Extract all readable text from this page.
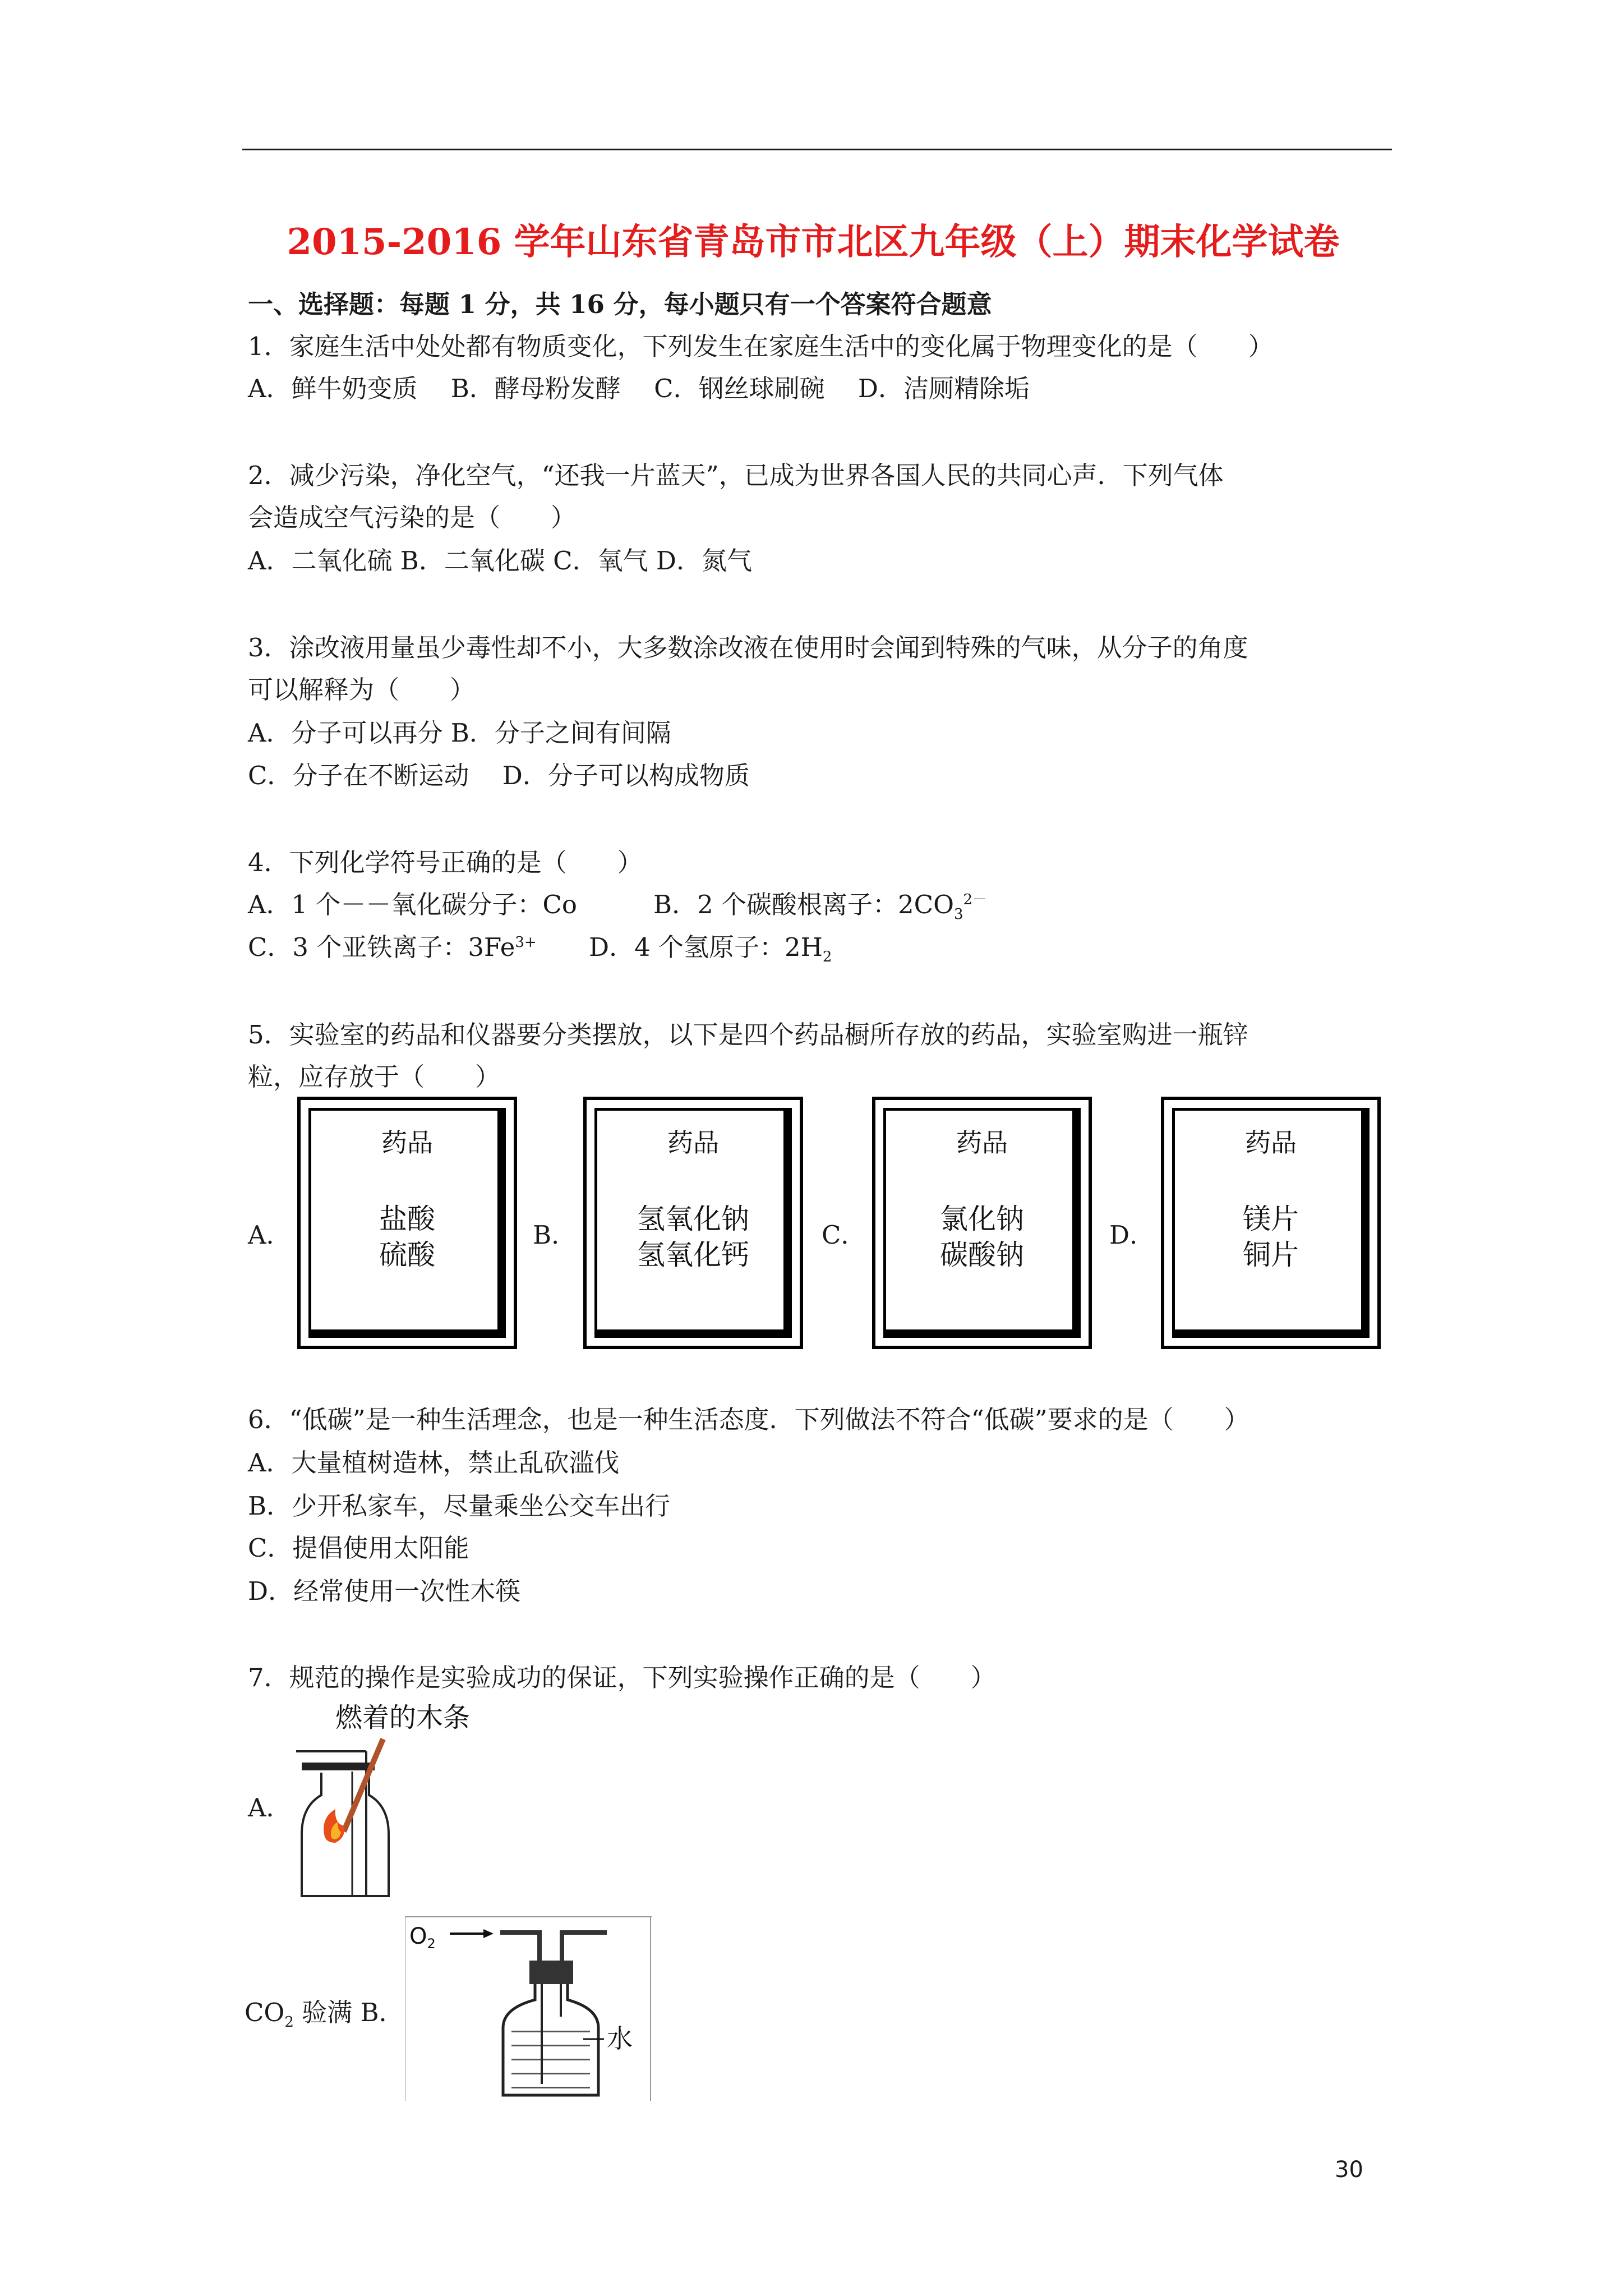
2015-2016 学年山东省青岛市市北区九年级（上）期末化学试卷
一、选择题：每题 1 分，共 16 分，每小题只有一个答案符合题意
1．家庭生活中处处都有物质变化，下列发生在家庭生活中的变化属于物理变化的是（　　）
A．鲜牛奶变质　 B．酵母粉发酵　 C．钢丝球刷碗　 D．洁厕精除垢
2．减少污染，净化空气，“还我一片蓝天”，已成为世界各国人民的共同心声．下列气体
会造成空气污染的是（　　）
A．二氧化硫 B．二氧化碳 C．氧气 D．氮气
3．涂改液用量虽少毒性却不小，大多数涂改液在使用时会闻到特殊的气味，从分子的角度
可以解释为（　　）
A．分子可以再分 B．分子之间有间隔
C．分子在不断运动　 D．分子可以构成物质
4．下列化学符号正确的是（　　）
A．1 个－－氧化碳分子：Co	B．2 个碳酸根离子：$2CO_3^{2-}$
C．3 个亚铁离子：$3Fe^{3+}$ D．4 个氢原子：$2H_2$
5．实验室的药品和仪器要分类摆放，以下是四个药品橱所存放的药品，实验室购进一瓶锌
粒，应存放于（　　）
A．
药品
盐酸
硫酸
B．
药品
氢氧化钠
氢氧化钙
C．
药品
氯化钠
碳酸钠
D．
药品
镁片
铜片
6．“低碳”是一种生活理念，也是一种生活态度．下列做法不符合“低碳”要求的是（　　）
A．大量植树造林，禁止乱砍滥伐
B．少开私家车，尽量乘坐公交车出行
C．提倡使用太阳能
D．经常使用一次性木筷
7．规范的操作是实验成功的保证，下列实验操作正确的是（　　）
燃着的木条
A．
$CO_2$ 验满 B．
$O_2$
水
30
